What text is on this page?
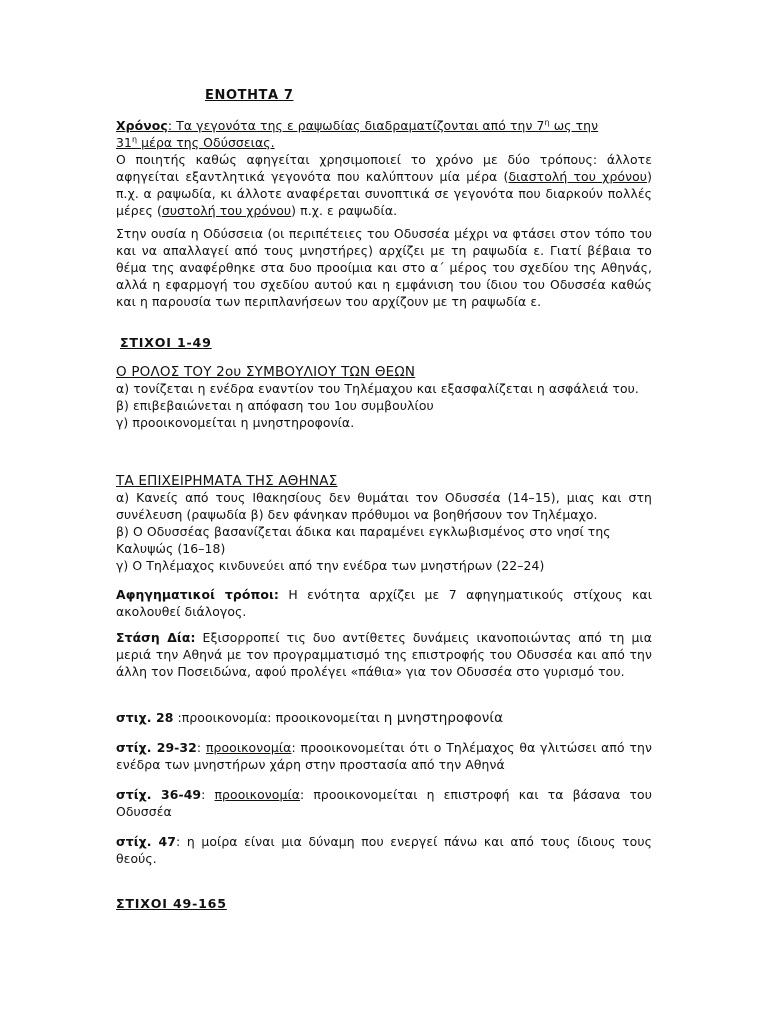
ΕΝΟΤΗΤΑ 7

Χρόνος: Τα γεγονότα της ε ραψωδίας διαδραματίζονται από την $7^\eta$ ως την
$31^\eta$ μέρα της Οδύσσειας.

Ο ποιητής καθώς αφηγείται χρησιμοποιεί το χρόνο με δύο τρόπους: άλλοτε αφηγείται εξαντλητικά γεγονότα που καλύπτουν μία μέρα (διαστολή του χρόνου) π.χ. α ραψωδία, κι άλλοτε αναφέρεται συνοπτικά σε γεγονότα που διαρκούν πολλές μέρες (συστολή του χρόνου) π.χ. ε ραψωδία.

Στην ουσία η Οδύσσεια (οι περιπέτειες του Οδυσσέα μέχρι να φτάσει στον τόπο του και να απαλλαγεί από τους μνηστήρες) αρχίζει με τη ραψωδία ε. Γιατί βέβαια το θέμα της αναφέρθηκε στα δυο προοίμια και στο α΄ μέρος του σχεδίου της Αθηνάς, αλλά η εφαρμογή του σχεδίου αυτού και η εμφάνιση του ίδιου του Οδυσσέα καθώς και η παρουσία των περιπλανήσεων του αρχίζουν με τη ραψωδία ε.

ΣΤΙΧΟΙ 1-49

Ο ΡΟΛΟΣ ΤΟΥ 2ου ΣΥΜΒΟΥΛΙΟΥ ΤΩΝ ΘΕΩΝ

α) τονίζεται η ενέδρα εναντίον του Τηλέμαχου και εξασφαλίζεται η ασφάλειά του.

β) επιβεβαιώνεται η απόφαση του 1ου συμβουλίου

γ) προοικονομείται η μνηστηροφονία.

ΤΑ ΕΠΙΧΕΙΡΗΜΑΤΑ ΤΗΣ ΑΘΗΝΑΣ

α) Κανείς από τους Ιθακησίους δεν θυμάται τον Οδυσσέα (14–15), μιας και στη συνέλευση (ραψωδία β) δεν φάνηκαν πρόθυμοι να βοηθήσουν τον Τηλέμαχο.

β) Ο Οδυσσέας βασανίζεται άδικα και παραμένει εγκλωβισμένος στο νησί της Καλυψώς (16–18)

γ) Ο Τηλέμαχος κινδυνεύει από την ενέδρα των μνηστήρων (22–24)

Αφηγηματικοί τρόποι: Η ενότητα αρχίζει με 7 αφηγηματικούς στίχους και ακολουθεί διάλογος.

Στάση Δία: Εξισορροπεί τις δυο αντίθετες δυνάμεις ικανοποιώντας από τη μια μεριά την Αθηνά με τον προγραμματισμό της επιστροφής του Οδυσσέα και από την άλλη τον Ποσειδώνα, αφού προλέγει «πάθια» για τον Οδυσσέα στο γυρισμό του.

στιχ. 28 :προοικονομία: προοικονομείται η μνηστηροφονία

στίχ. 29-32: προοικονομία: προοικονομείται ότι ο Τηλέμαχος θα γλιτώσει από την ενέδρα των μνηστήρων χάρη στην προστασία από την Αθηνά

στίχ. 36-49: προοικονομία: προοικονομείται η επιστροφή και τα βάσανα του Οδυσσέα

στίχ. 47: η μοίρα είναι μια δύναμη που ενεργεί πάνω και από τους ίδιους τους θεούς.

ΣΤΙΧΟΙ 49-165
